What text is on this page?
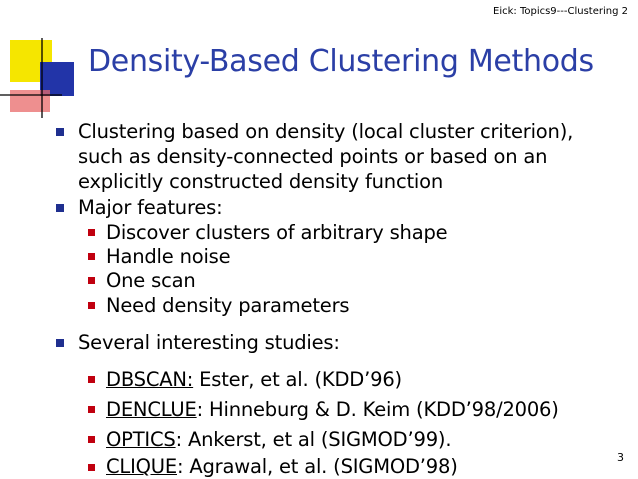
Eick: Topics9---Clustering 2
Density-Based Clustering Methods
Clustering based on density (local cluster criterion),
such as density-connected points or based on an
explicitly constructed density function
Major features:
Discover clusters of arbitrary shape
Handle noise
One scan
Need density parameters
Several interesting studies:
DBSCAN: Ester, et al. (KDD’96)
DENCLUE: Hinneburg & D. Keim (KDD’98/2006)
OPTICS: Ankerst, et al (SIGMOD’99).
CLIQUE: Agrawal, et al. (SIGMOD’98)	3
